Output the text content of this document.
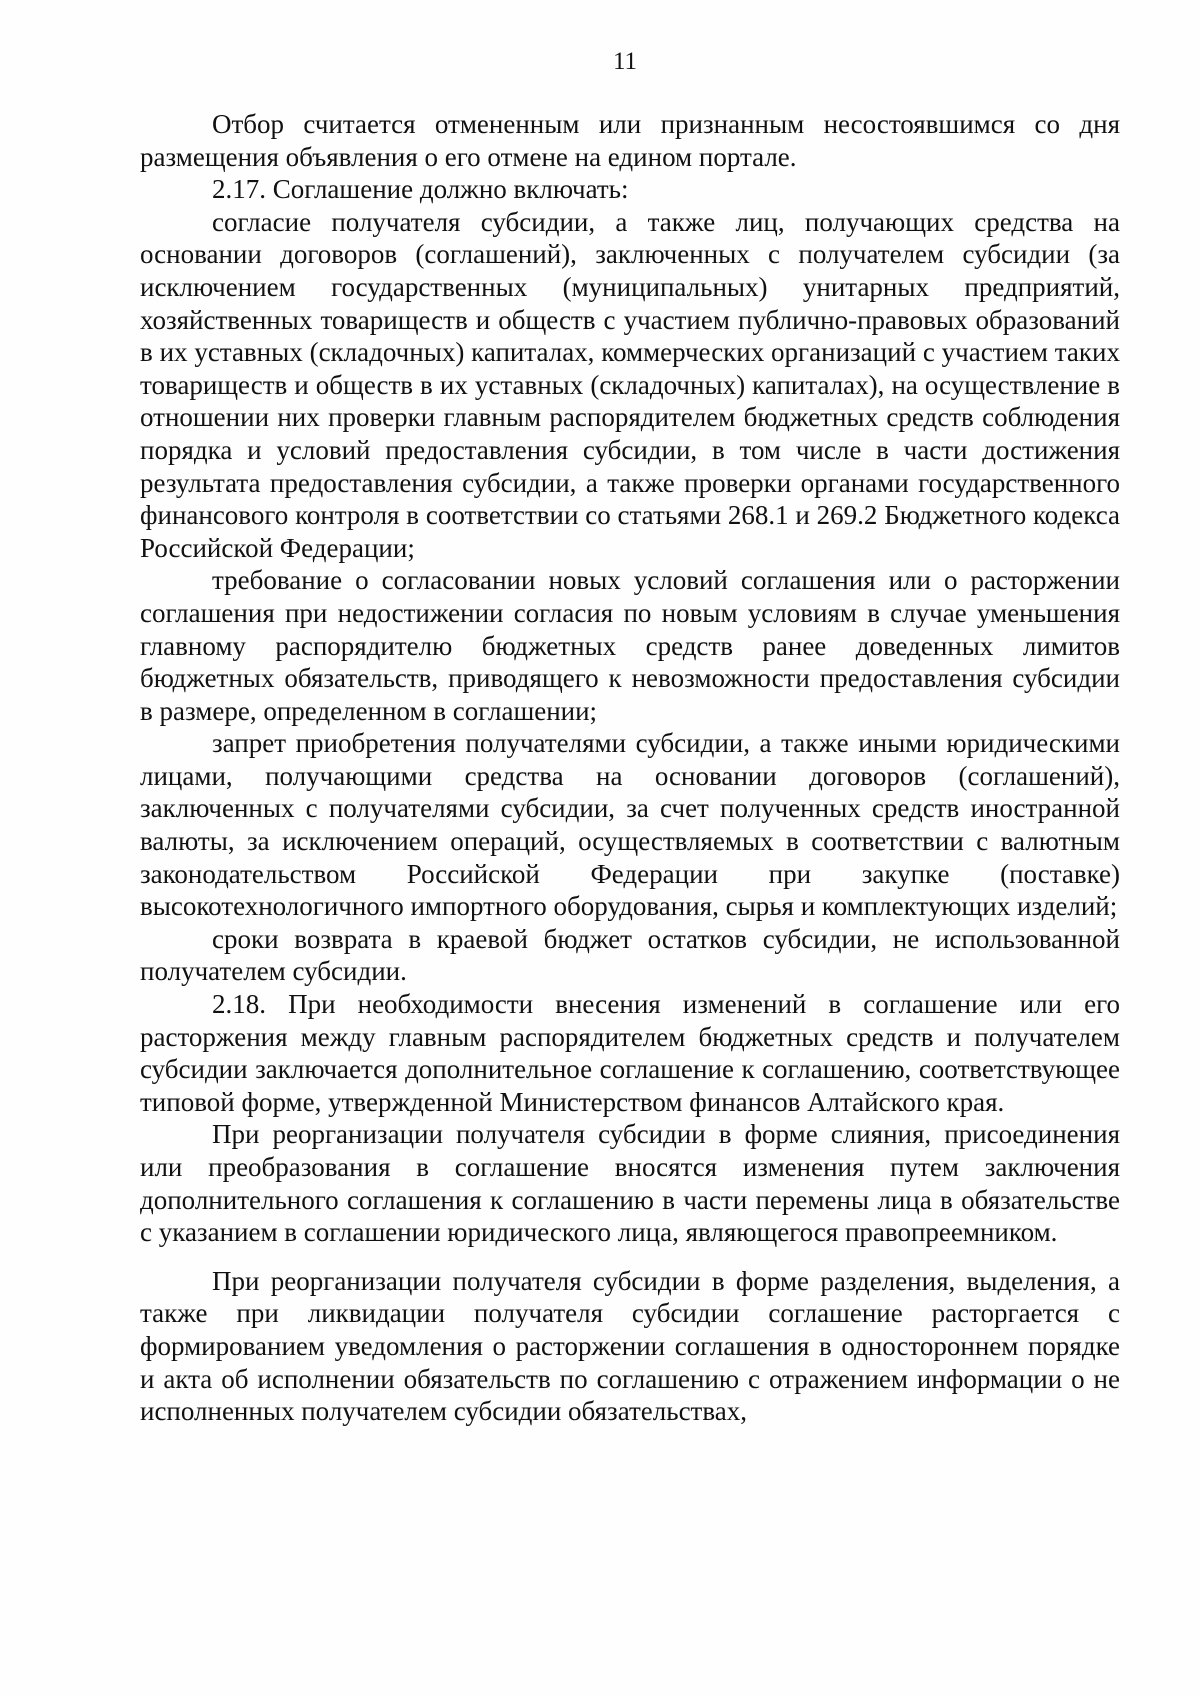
11

Отбор считается отмененным или признанным несостоявшимся со дня размещения объявления о его отмене на едином портале.

2.17. Соглашение должно включать:

согласие получателя субсидии, а также лиц, получающих средства на основании договоров (соглашений), заключенных с получателем субсидии (за исключением государственных (муниципальных) унитарных предприятий, хозяйственных товариществ и обществ с участием публично-правовых образований в их уставных (складочных) капиталах, коммерческих организаций с участием таких товариществ и обществ в их уставных (складочных) капиталах), на осуществление в отношении них проверки главным распорядителем бюджетных средств соблюдения порядка и условий предоставления субсидии, в том числе в части достижения результата предоставления субсидии, а также проверки органами государственного финансового контроля в соответствии со статьями 268.1 и 269.2 Бюджетного кодекса Российской Федерации;

требование о согласовании новых условий соглашения или о расторжении соглашения при недостижении согласия по новым условиям в случае уменьшения главному распорядителю бюджетных средств ранее доведенных лимитов бюджетных обязательств, приводящего к невозможности предоставления субсидии в размере, определенном в соглашении;

запрет приобретения получателями субсидии, а также иными юридическими лицами, получающими средства на основании договоров (соглашений), заключенных с получателями субсидии, за счет полученных средств иностранной валюты, за исключением операций, осуществляемых в соответствии с валютным законодательством Российской Федерации при закупке (поставке) высокотехнологичного импортного оборудования, сырья и комплектующих изделий;

сроки возврата в краевой бюджет остатков субсидии, не использованной получателем субсидии.

2.18. При необходимости внесения изменений в соглашение или его расторжения между главным распорядителем бюджетных средств и получателем субсидии заключается дополнительное соглашение к соглашению, соответствующее типовой форме, утвержденной Министерством финансов Алтайского края.

При реорганизации получателя субсидии в форме слияния, присоединения или преобразования в соглашение вносятся изменения путем заключения дополнительного соглашения к соглашению в части перемены лица в обязательстве с указанием в соглашении юридического лица, являющегося правопреемником.

При реорганизации получателя субсидии в форме разделения, выделения, а также при ликвидации получателя субсидии соглашение расторгается с формированием уведомления о расторжении соглашения в одностороннем порядке и акта об исполнении обязательств по соглашению с отражением информации о не исполненных получателем субсидии обязательствах,
